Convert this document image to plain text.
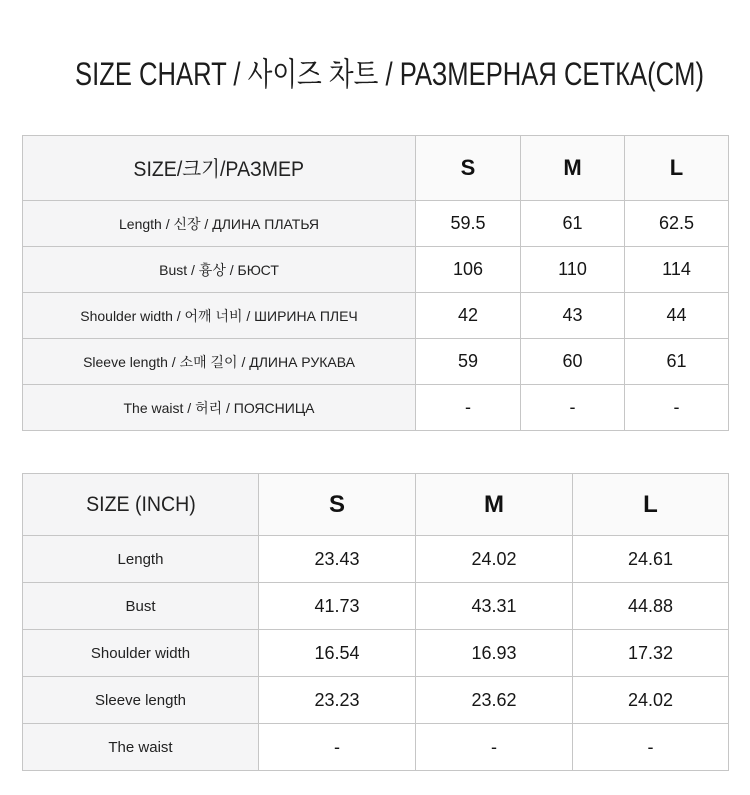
SIZE CHART / 사이즈 차트 / РАЗМЕРНАЯ СЕТКА(CM)
SIZE/크기/РАЗМЕР	S	M	L
Length / 신장 / ДЛИНА ПЛАТЬЯ	59.5	61	62.5
Bust / 흉상 / БЮСТ	106	110	114
Shoulder width / 어깨 너비 / ШИРИНА ПЛЕЧ	42	43	44
Sleeve length / 소매 길이 / ДЛИНА РУКАВА	59	60	61
The waist / 허리 / ПОЯСНИЦА	-	-	-
SIZE (INCH)	S	M	L
Length	23.43	24.02	24.61
Bust	41.73	43.31	44.88
Shoulder width	16.54	16.93	17.32
Sleeve length	23.23	23.62	24.02
The waist	-	-	-
